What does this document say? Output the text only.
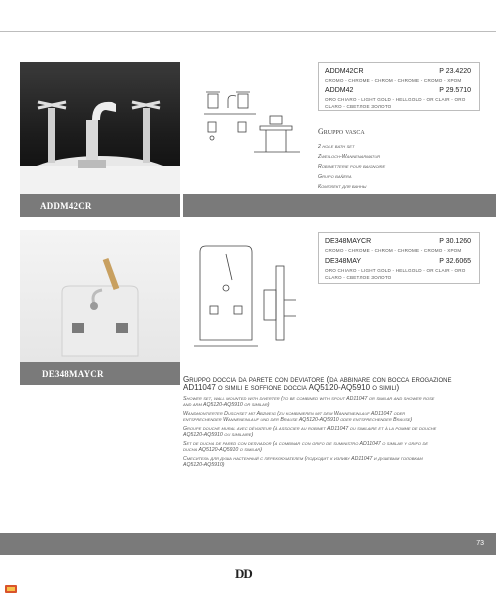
ADDM42CR
ADDM42CR	P 23.4220
CROMO - CHROME - CHROM - CHROME - CROMO - ХРОМ
ADDM42	P 29.5710
ORO CHIARO - LIGHT GOLD - HELLGOLD - OR CLAIR - ORO CLARO - СВЕТЛОЕ ЗОЛОТО
Gruppo vasca
2 hole bath set
Zweiloch-Wannenarmatur
Robinetterie pour baignoire
Grupo bañera
Комплект для ванны
DE348MAYCR
DE348MAYCR	P 30.1260
CROMO - CHROME - CHROM - CHROME - CROMO - ХРОМ
DE348MAY	P 32.6065
ORO CHIARO - LIGHT GOLD - HELLGOLD - OR CLAIR - ORO CLARO - СВЕТЛОЕ ЗОЛОТО
Gruppo doccia da parete con deviatore (da abbinare con bocca erogazione
AD11047 o simili e soffione doccia AQ5120-AQ5910 o simili)
Shower set, wall mounted with diverter (to be combined with spout AD11047 or similar and shower rose
and arm AQ5120-AQ5910 or similar)
Wandmontierter Duschset mit Abzweig (zu kombinieren mit dem Wanneneinlauf AD11047 oder
entsprechender Wanneneinlauf und der Brause AQ5120-AQ5910 oder entsprechender Brause)
Groupe douche mural avec déviateur (à associer au robinet AD11047 ou similaire et à la pomme de douche
AQ5120-AQ5910 ou similaire)
Set de ducha de pared con desviador (a combinar con grifo de suministro AD11047 o similar y grifo de
ducha AQ5120-AQ5910 o similar)
Смеситель для душа настенный с переключателем (подходит к изливу AD11047 и душевым головкам
AQ5120-AQ5910)
73
DD
